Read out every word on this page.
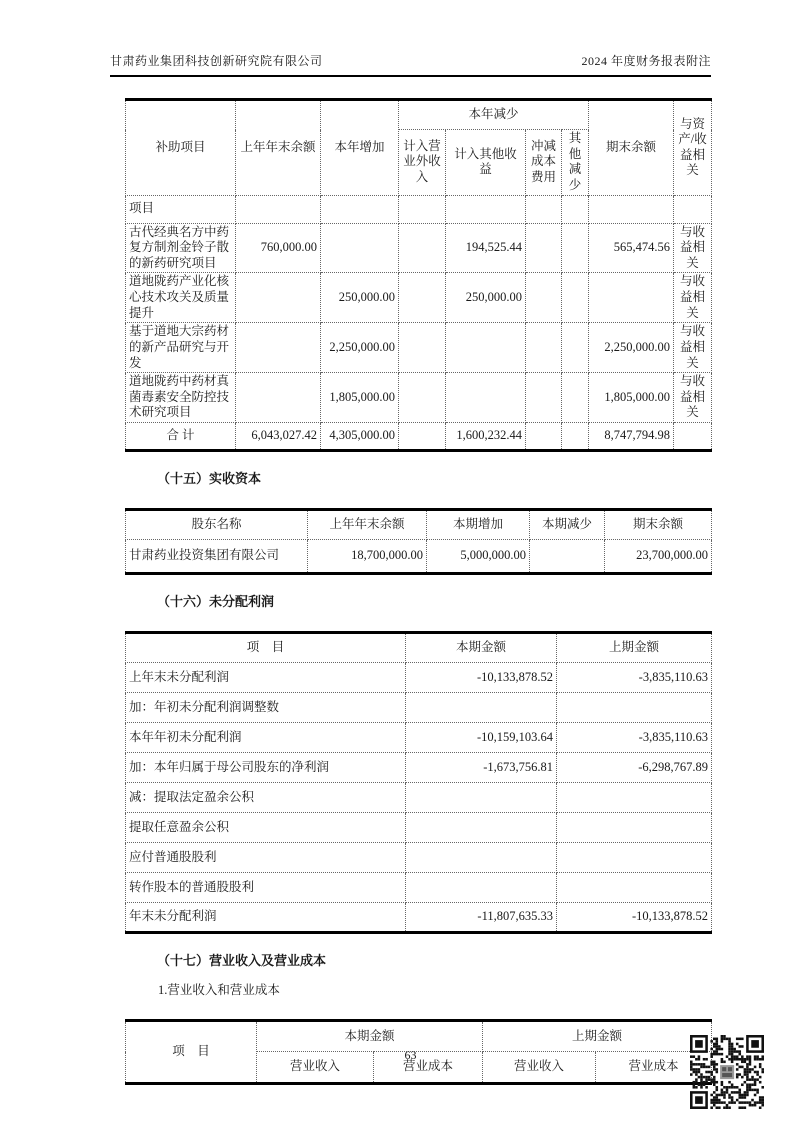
甘肃药业集团科技创新研究院有限公司	2024 年度财务报表附注
补助项目	上年年末余额	本年增加	本年减少				期末余额	与资产/收益相关
			计入营业外收入	计入其他收益	冲减成本费用	其他减少		
项目								
古代经典名方中药复方制剂金铃子散的新药研究项目	760,000.00			194,525.44			565,474.56	与收益相关
道地陇药产业化核心技术攻关及质量提升		250,000.00		250,000.00				与收益相关
基于道地大宗药材的新产品研究与开发		2,250,000.00					2,250,000.00	与收益相关
道地陇药中药材真菌毒素安全防控技术研究项目		1,805,000.00					1,805,000.00	与收益相关
合 计	6,043,027.42	4,305,000.00		1,600,232.44			8,747,794.98	
（十五）实收资本
股东名称	上年年末余额	本期增加	本期减少	期末余额
甘肃药业投资集团有限公司	18,700,000.00	5,000,000.00		23,700,000.00
（十六）未分配利润
项　目	本期金额	上期金额
上年末未分配利润	-10,133,878.52	-3,835,110.63
加：年初未分配利润调整数		
本年年初未分配利润	-10,159,103.64	-3,835,110.63
加：本年归属于母公司股东的净利润	-1,673,756.81	-6,298,767.89
减：提取法定盈余公积		
提取任意盈余公积		
应付普通股股利		
转作股本的普通股股利		
年末未分配利润	-11,807,635.33	-10,133,878.52
（十七）营业收入及营业成本
1.营业收入和营业成本
项　目	本期金额		上期金额	
	营业收入	营业成本	营业收入	营业成本
63
